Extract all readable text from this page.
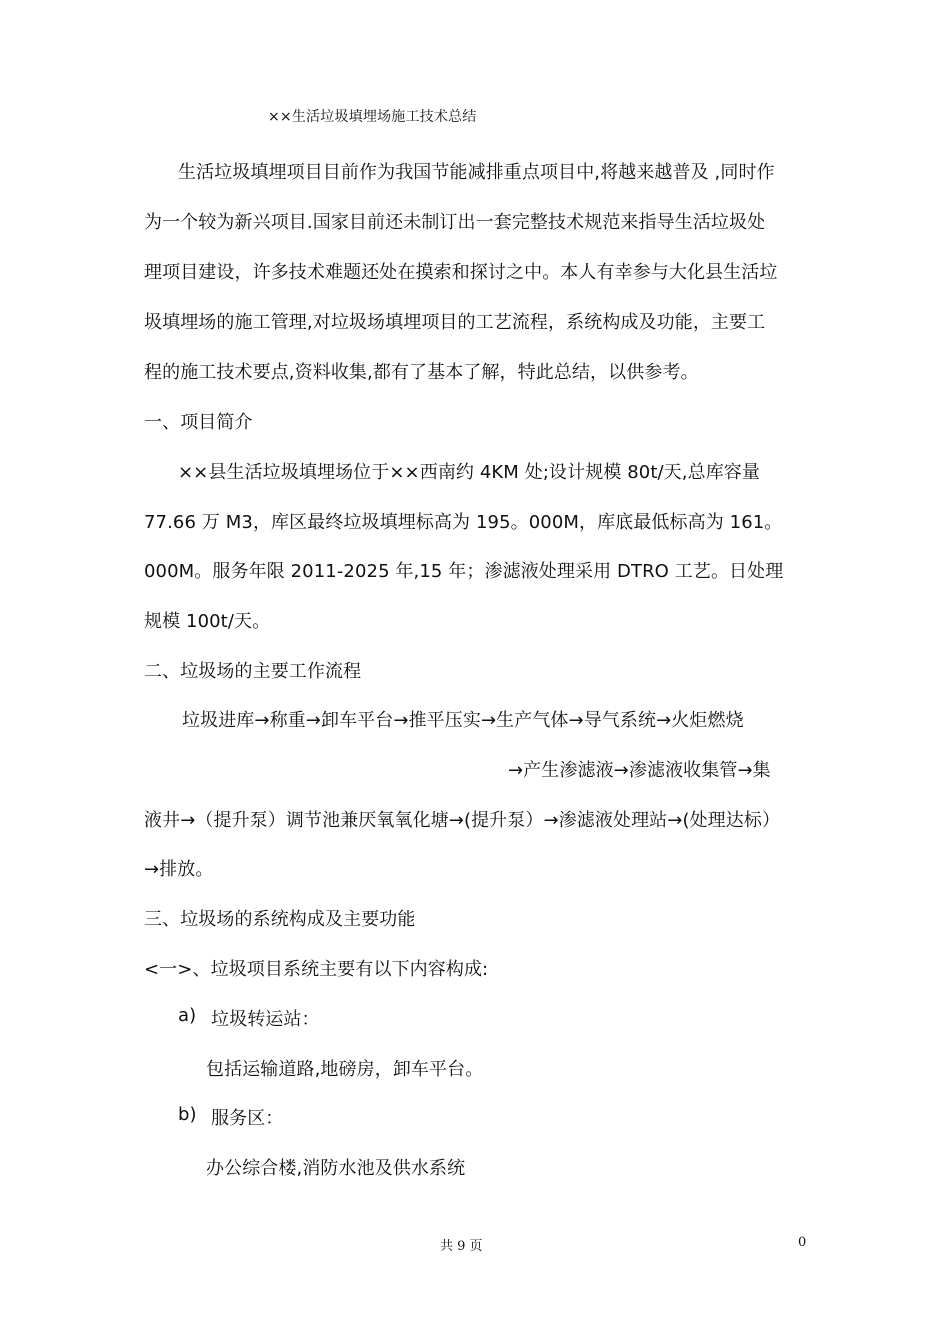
××生活垃圾填埋场施工技术总结
生活垃圾填埋项目目前作为我国节能减排重点项目中,将越来越普及 ,同时作
为一个较为新兴项目.国家目前还未制订出一套完整技术规范来指导生活垃圾处
理项目建设，许多技术难题还处在摸索和探讨之中。本人有幸参与大化县生活垃
圾填埋场的施工管理,对垃圾场填埋项目的工艺流程，系统构成及功能，主要工
程的施工技术要点,资料收集,都有了基本了解，特此总结，以供参考。
一、项目简介
××县生活垃圾填埋场位于××西南约 4KM 处;设计规模 80t/天,总库容量
77.66 万 M3，库区最终垃圾填埋标高为 195。000M，库底最低标高为 161。
000M。服务年限 2011-2025 年,15 年；渗滤液处理采用 DTRO 工艺。日处理
规模 100t/天。
二、垃圾场的主要工作流程
垃圾进库→称重→卸车平台→推平压实→生产气体→导气系统→火炬燃烧
→产生渗滤液→渗滤液收集管→集
液井→（提升泵）调节池兼厌氧氧化塘→(提升泵）→渗滤液处理站→(处理达标）
→排放。
三、垃圾场的系统构成及主要功能
<一>、垃圾项目系统主要有以下内容构成:
a) 垃圾转运站：
包括运输道路,地磅房，卸车平台。
b) 服务区：
办公综合楼,消防水池及供水系统
共 9 页	0
